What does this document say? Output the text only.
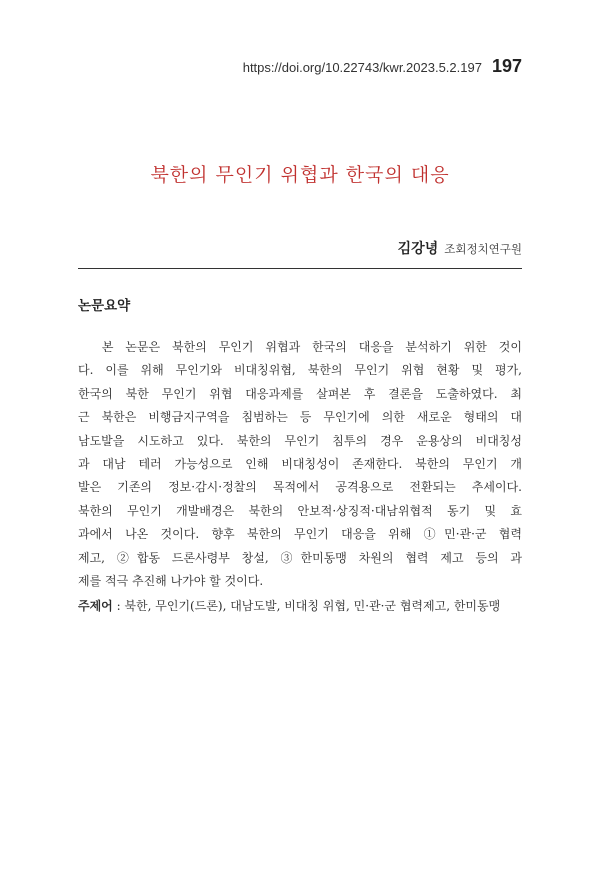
https://doi.org/10.22743/kwr.2023.5.2.197 197
북한의 무인기 위협과 한국의 대응
김강녕 조회정치연구원
논문요약
본 논문은 북한의 무인기 위협과 한국의 대응을 분석하기 위한 것이
다. 이를 위해 무인기와 비대칭위협, 북한의 무인기 위협 현황 및 평가,
한국의 북한 무인기 위협 대응과제를 살펴본 후 결론을 도출하였다. 최
근 북한은 비행금지구역을 침범하는 등 무인기에 의한 새로운 형태의 대
남도발을 시도하고 있다. 북한의 무인기 침투의 경우 운용상의 비대칭성
과 대남 테러 가능성으로 인해 비대칭성이 존재한다. 북한의 무인기 개
발은 기존의 정보·감시·정찰의 목적에서 공격용으로 전환되는 추세이다.
북한의 무인기 개발배경은 북한의 안보적·상징적·대남위협적 동기 및 효
과에서 나온 것이다. 향후 북한의 무인기 대응을 위해 ①민·관·군 협력
제고, ②합동 드론사령부 창설, ③한미동맹 차원의 협력 제고 등의 과
제를 적극 추진해 나가야 할 것이다.
주제어 : 북한, 무인기(드론), 대남도발, 비대칭 위협, 민·관·군 협력제고, 한미동맹
